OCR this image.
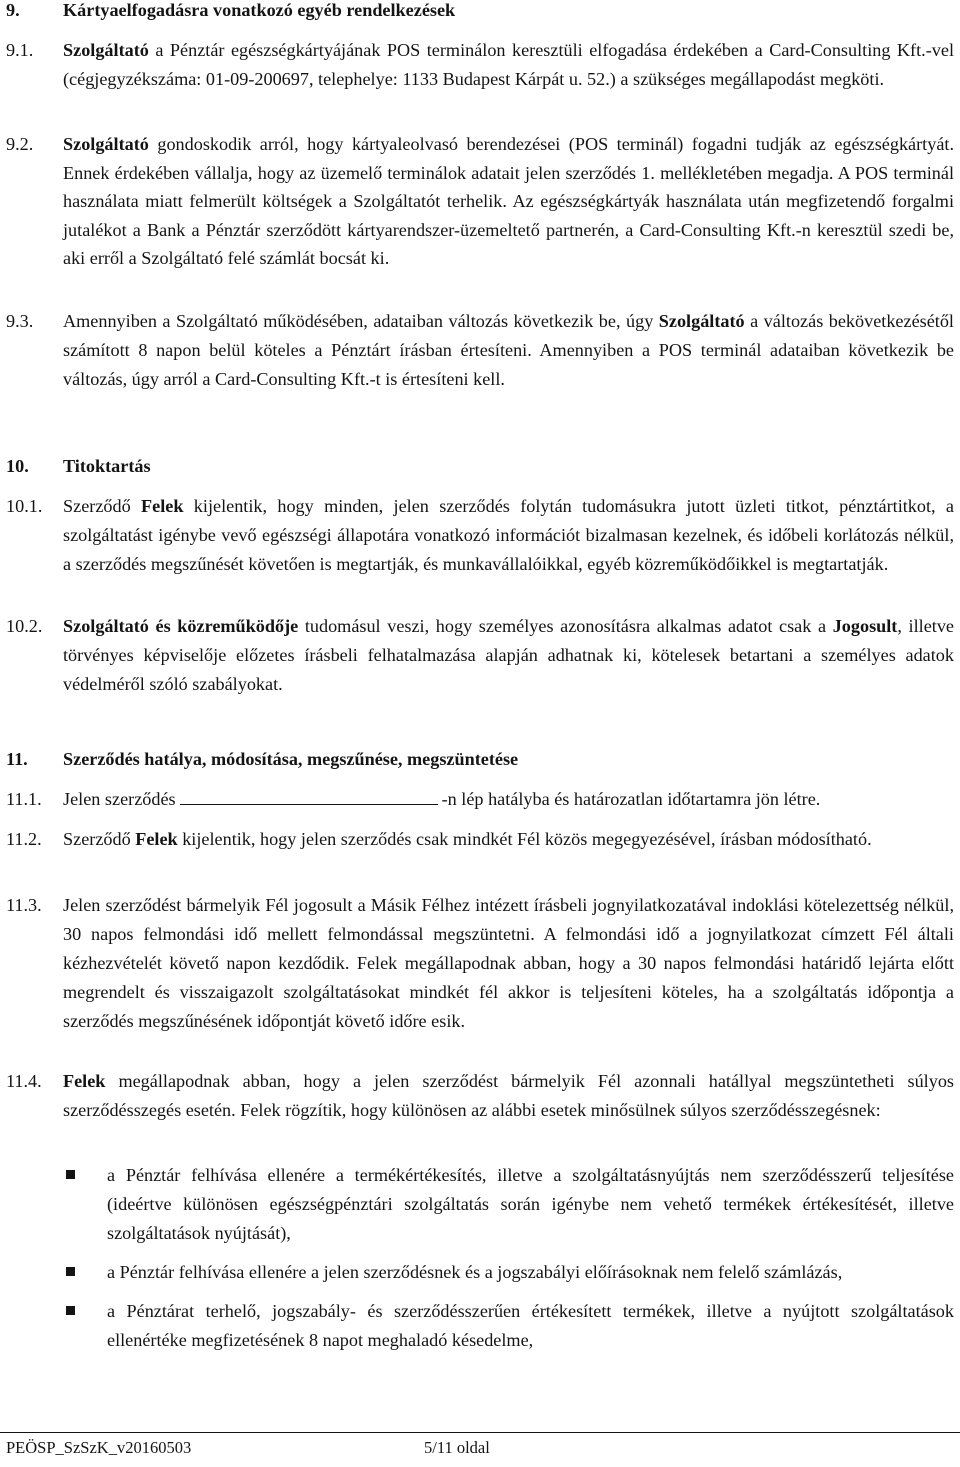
9. Kártyaelfogadásra vonatkozó egyéb rendelkezések
9.1. Szolgáltató a Pénztár egészségkártyájának POS terminálon keresztüli elfogadása érdekében a Card-Consulting Kft.-vel (cégjegyzékszáma: 01-09-200697, telephelye: 1133 Budapest Kárpát u. 52.) a szükséges megállapodást megköti.
9.2. Szolgáltató gondoskodik arról, hogy kártyaleolvasó berendezései (POS terminál) fogadni tudják az egészségkártyát. Ennek érdekében vállalja, hogy az üzemelő terminálok adatait jelen szerződés 1. mellékletében megadja. A POS terminál használata miatt felmerült költségek a Szolgáltatót terhelik. Az egészségkártyák használata után megfizetendő forgalmi jutalékot a Bank a Pénztár szerződött kártyarendszer-üzemeltető partnerén, a Card-Consulting Kft.-n keresztül szedi be, aki erről a Szolgáltató felé számlát bocsát ki.
9.3. Amennyiben a Szolgáltató működésében, adataiban változás következik be, úgy Szolgáltató a változás bekövetkezésétől számított 8 napon belül köteles a Pénztárt írásban értesíteni. Amennyiben a POS terminál adataiban következik be változás, úgy arról a Card-Consulting Kft.-t is értesíteni kell.
10. Titoktartás
10.1. Szerződő Felek kijelentik, hogy minden, jelen szerződés folytán tudomásukra jutott üzleti titkot, pénztártitkot, a szolgáltatást igénybe vevő egészségi állapotára vonatkozó információt bizalmasan kezelnek, és időbeli korlátozás nélkül, a szerződés megszűnését követően is megtartják, és munkavállalóikkal, egyéb közreműködőikkel is megtartatják.
10.2. Szolgáltató és közreműködője tudomásul veszi, hogy személyes azonosításra alkalmas adatot csak a Jogosult, illetve törvényes képviselője előzetes írásbeli felhatalmazása alapján adhatnak ki, kötelesek betartani a személyes adatok védelméről szóló szabályokat.
11. Szerződés hatálya, módosítása, megszűnése, megszüntetése
11.1. Jelen szerződés	-n lép hatályba és határozatlan időtartamra jön létre.
11.2. Szerződő Felek kijelentik, hogy jelen szerződés csak mindkét Fél közös megegyezésével, írásban módosítható.
11.3. Jelen szerződést bármelyik Fél jogosult a Másik Félhez intézett írásbeli jognyilatkozatával indoklási kötelezettség nélkül, 30 napos felmondási idő mellett felmondással megszüntetni. A felmondási idő a jognyilatkozat címzett Fél általi kézhezvételét követő napon kezdődik. Felek megállapodnak abban, hogy a 30 napos felmondási határidő lejárta előtt megrendelt és visszaigazolt szolgáltatásokat mindkét fél akkor is teljesíteni köteles, ha a szolgáltatás időpontja a szerződés megszűnésének időpontját követő időre esik.
11.4. Felek megállapodnak abban, hogy a jelen szerződést bármelyik Fél azonnali hatállyal megszüntetheti súlyos szerződésszegés esetén. Felek rögzítik, hogy különösen az alábbi esetek minősülnek súlyos szerződésszegésnek:
a Pénztár felhívása ellenére a termékértékesítés, illetve a szolgáltatásnyújtás nem szerződésszerű teljesítése (ideértve különösen egészségpénztári szolgáltatás során igénybe nem vehető termékek értékesítését, illetve szolgáltatások nyújtását),
a Pénztár felhívása ellenére a jelen szerződésnek és a jogszabályi előírásoknak nem felelő számlázás,
a Pénztárat terhelő, jogszabály- és szerződésszerűen értékesített termékek, illetve a nyújtott szolgáltatások ellenértéke megfizetésének 8 napot meghaladó késedelme,
PEÖSP_SzSzK_v20160503	5/11 oldal
